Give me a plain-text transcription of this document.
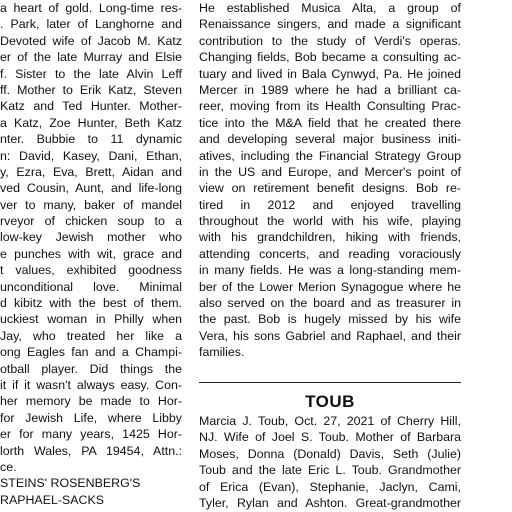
a heart of gold. Long-time res-
. Park, later of Langhorne and
Devoted wife of Jacob M. Katz
er of the late Murray and Elsie
f. Sister to the late Alvin Leff
ff. Mother to Erik Katz, Steven
Katz and Ted Hunter. Mother-
a Katz, Zoe Hunter, Beth Katz
nter. Bubbie to 11 dynamic
n: David, Kasey, Dani, Ethan,
y, Ezra, Eva, Brett, Aidan and
ved Cousin, Aunt, and life-long
ver to many, baker of mandel
rveyor of chicken soup to a
low-key Jewish mother who
e punches with wit, grace and
t values, exhibited goodness
unconditional love. Minimal
d kibitz with the best of them.
uckiest woman in Philly when
Jay, who treated her like a
ong Eagles fan and a Champi-
otball player. Did things the
it if it wasn't always easy. Con-
her memory be made to Hor-
for Jewish Life, where Libby
er for many years, 1425 Hor-
lorth Wales, PA 19454, Attn.:
ce.
STEINS' ROSENBERG'S
RAPHAEL-SACKS
He established Musica Alta, a group of
Renaissance singers, and made a significant
contribution to the study of Verdi's operas.
Changing fields, Bob became a consulting ac-
tuary and lived in Bala Cynwyd, Pa. He joined
Mercer in 1989 where he had a brilliant ca-
reer, moving from its Health Consulting Prac-
tice into the M&A field that he created there
and developing several major business initi-
atives, including the Financial Strategy Group
in the US and Europe, and Mercer's point of
view on retirement benefit designs. Bob re-
tired in 2012 and enjoyed travelling
throughout the world with his wife, playing
with his grandchildren, hiking with friends,
attending concerts, and reading voraciously
in many fields. He was a long-standing mem-
ber of the Lower Merion Synagogue where he
also served on the board and as treasurer in
the past. Bob is hugely missed by his wife
Vera, his sons Gabriel and Raphael, and their
families.
TOUB
Marcia J. Toub, Oct. 27, 2021 of Cherry Hill,
NJ. Wife of Joel S. Toub. Mother of Barbara
Moses, Donna (Donald) Davis, Seth (Julie)
Toub and the late Eric L. Toub. Grandmother
of Erica (Evan), Stephanie, Jaclyn, Cami,
Tyler, Rylan and Ashton. Great-grandmother
